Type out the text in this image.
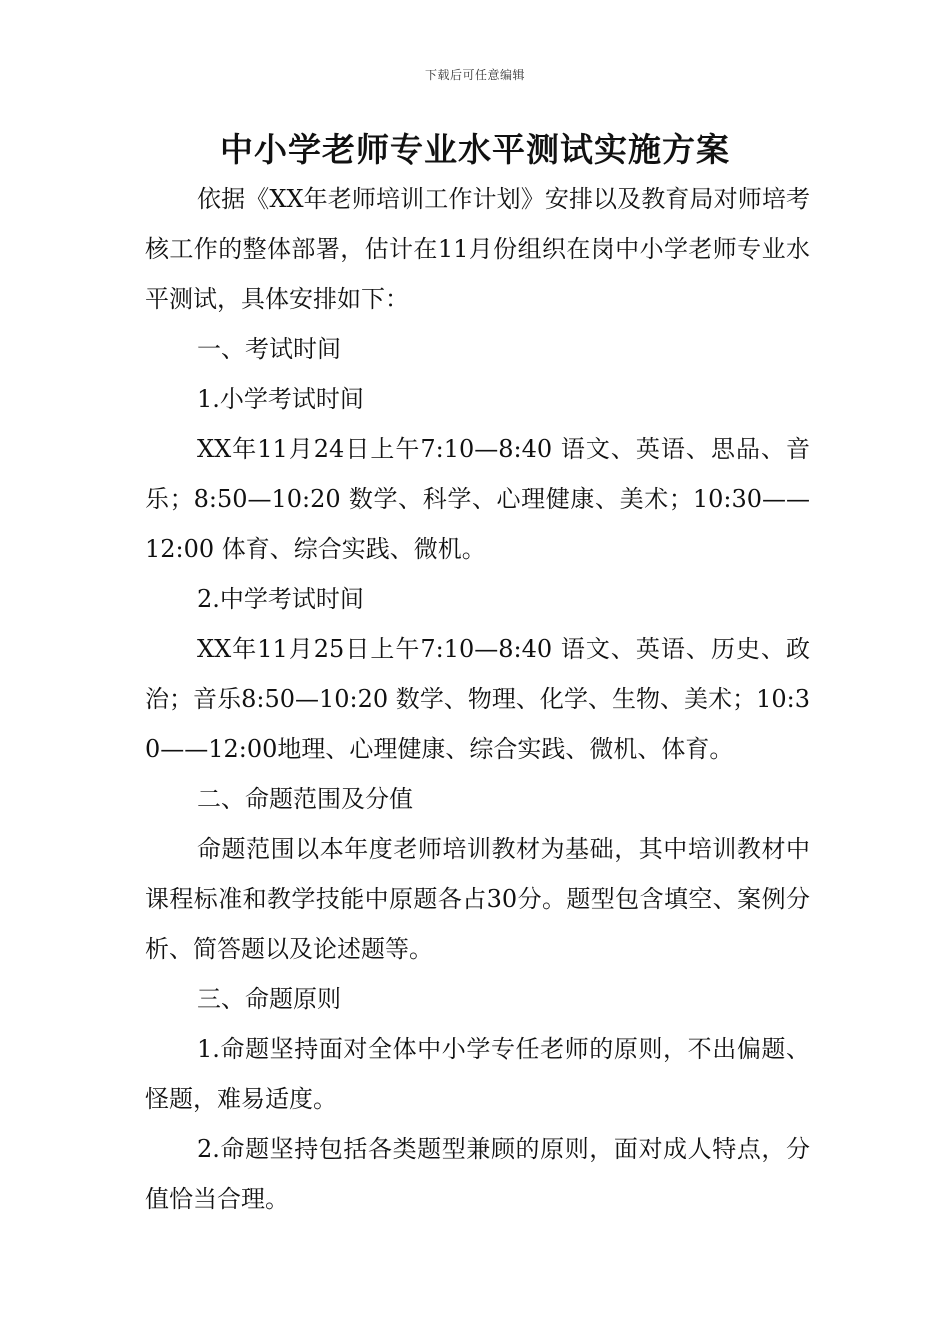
下载后可任意编辑
中小学老师专业水平测试实施方案

依据《XX年老师培训工作计划》安排以及教育局对师培考核工作的整体部署，估计在11月份组织在岗中小学老师专业水平测试，具体安排如下：

一、考试时间

1.小学考试时间

XX年11月24日上午7:10—8:40 语文、英语、思品、音乐；8:50—10:20 数学、科学、心理健康、美术；10:30——12:00 体育、综合实践、微机。

2.中学考试时间

XX年11月25日上午7:10—8:40 语文、英语、历史、政治；音乐8:50—10:20 数学、物理、化学、生物、美术；10:30——12:00地理、心理健康、综合实践、微机、体育。

二、命题范围及分值

命题范围以本年度老师培训教材为基础，其中培训教材中课程标准和教学技能中原题各占30分。题型包含填空、案例分析、简答题以及论述题等。

三、命题原则

1.命题坚持面对全体中小学专任老师的原则，不出偏题、怪题，难易适度。

2.命题坚持包括各类题型兼顾的原则，面对成人特点，分值恰当合理。
